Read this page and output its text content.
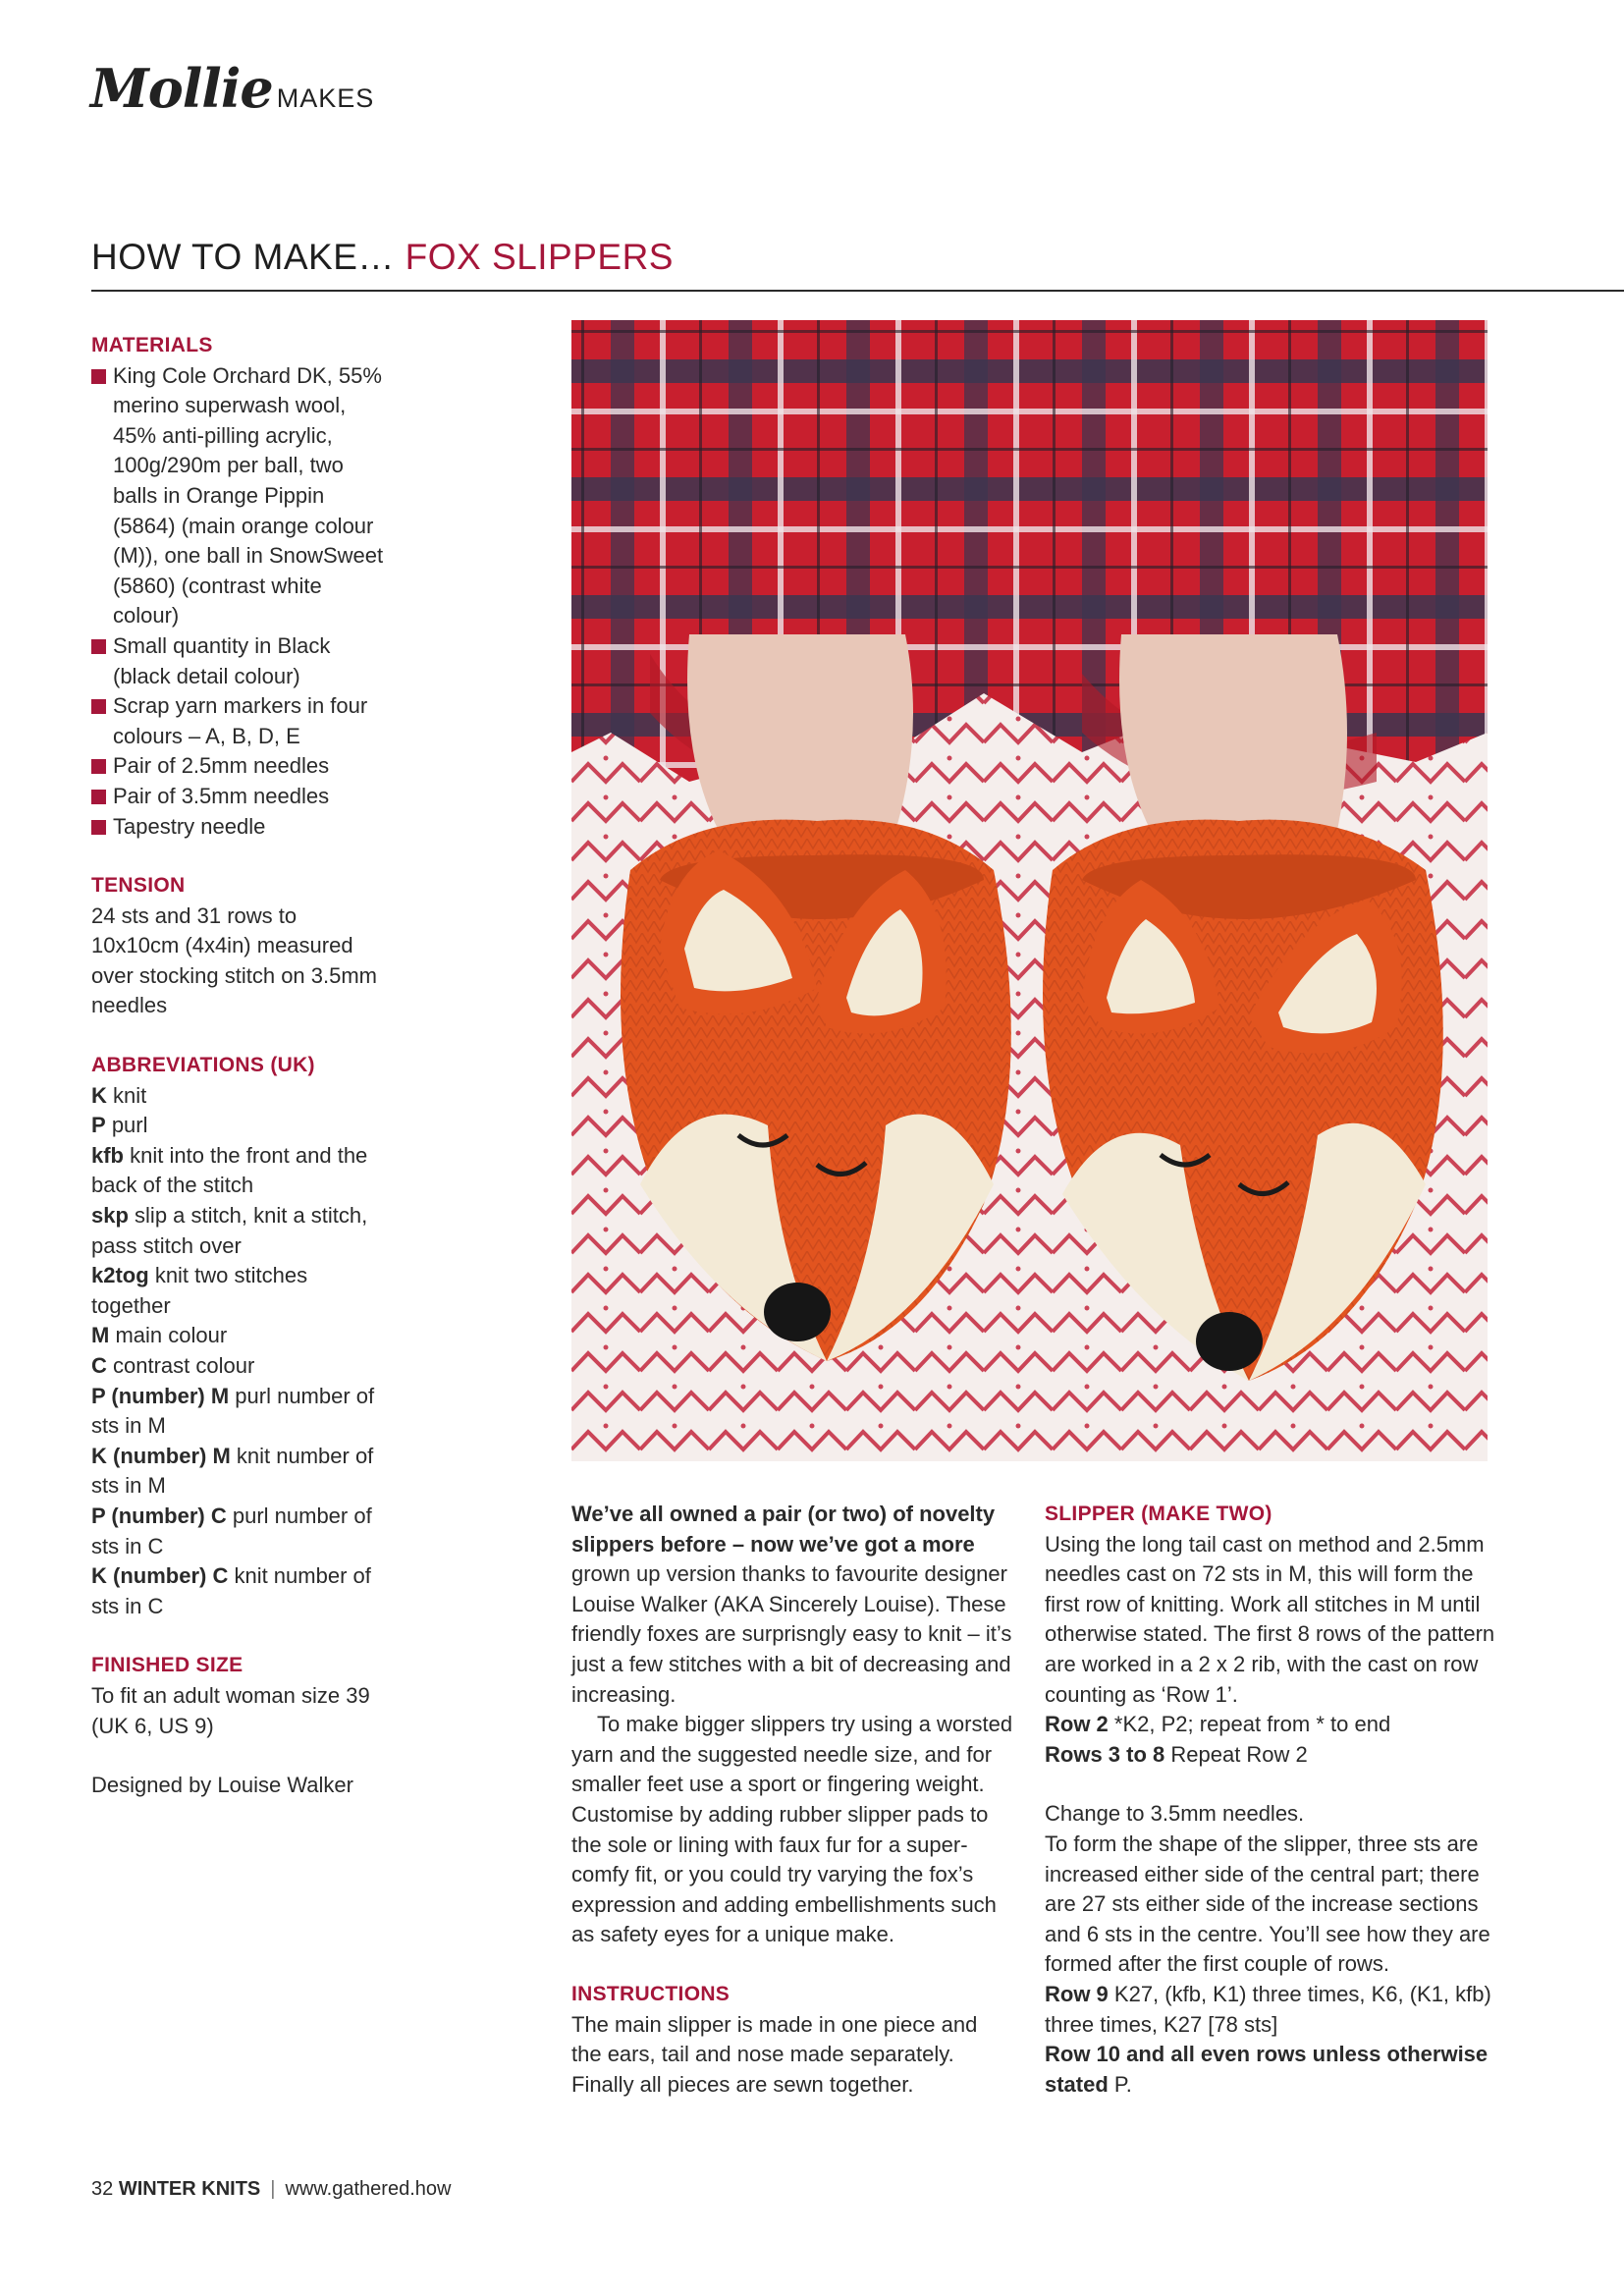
Mollie MAKES
HOW TO MAKE… FOX SLIPPERS
MATERIALS
King Cole Orchard DK, 55% merino superwash wool, 45% anti-pilling acrylic, 100g/290m per ball, two balls in Orange Pippin (5864) (main orange colour (M)), one ball in SnowSweet (5860) (contrast white colour)
Small quantity in Black (black detail colour)
Scrap yarn markers in four colours – A, B, D, E
Pair of 2.5mm needles
Pair of 3.5mm needles
Tapestry needle
TENSION
24 sts and 31 rows to 10x10cm (4x4in) measured over stocking stitch on 3.5mm needles
ABBREVIATIONS (UK)
K knit
P purl
kfb knit into the front and the back of the stitch
skp slip a stitch, knit a stitch, pass stitch over
k2tog knit two stitches together
M main colour
C contrast colour
P (number) M purl number of sts in M
K (number) M knit number of sts in M
P (number) C purl number of sts in C
K (number) C knit number of sts in C
FINISHED SIZE
To fit an adult woman size 39 (UK 6, US 9)
Designed by Louise Walker

We’ve all owned a pair (or two) of novelty slippers before – now we’ve got a more grown up version thanks to favourite designer Louise Walker (AKA Sincerely Louise). These friendly foxes are surprisngly easy to knit – it’s just a few stitches with a bit of decreasing and increasing.

To make bigger slippers try using a worsted yarn and the suggested needle size, and for smaller feet use a sport or fingering weight. Customise by adding rubber slipper pads to the sole or lining with faux fur for a super-comfy fit, or you could try varying the fox’s expression and adding embellishments such as safety eyes for a unique make.

INSTRUCTIONS

The main slipper is made in one piece and the ears, tail and nose made separately. Finally all pieces are sewn together.

SLIPPER (MAKE TWO)

Using the long tail cast on method and 2.5mm needles cast on 72 sts in M, this will form the first row of knitting. Work all stitches in M until otherwise stated. The first 8 rows of the pattern are worked in a 2 x 2 rib, with the cast on row counting as ‘Row 1’.

Row 2 *K2, P2; repeat from * to end

Rows 3 to 8 Repeat Row 2

Change to 3.5mm needles.

To form the shape of the slipper, three sts are increased either side of the central part; there are 27 sts either side of the increase sections and 6 sts in the centre. You’ll see how they are formed after the first couple of rows.

Row 9 K27, (kfb, K1) three times, K6, (K1, kfb) three times, K27 [78 sts]

Row 10 and all even rows unless otherwise stated P.

32 WINTER KNITS | www.gathered.how
